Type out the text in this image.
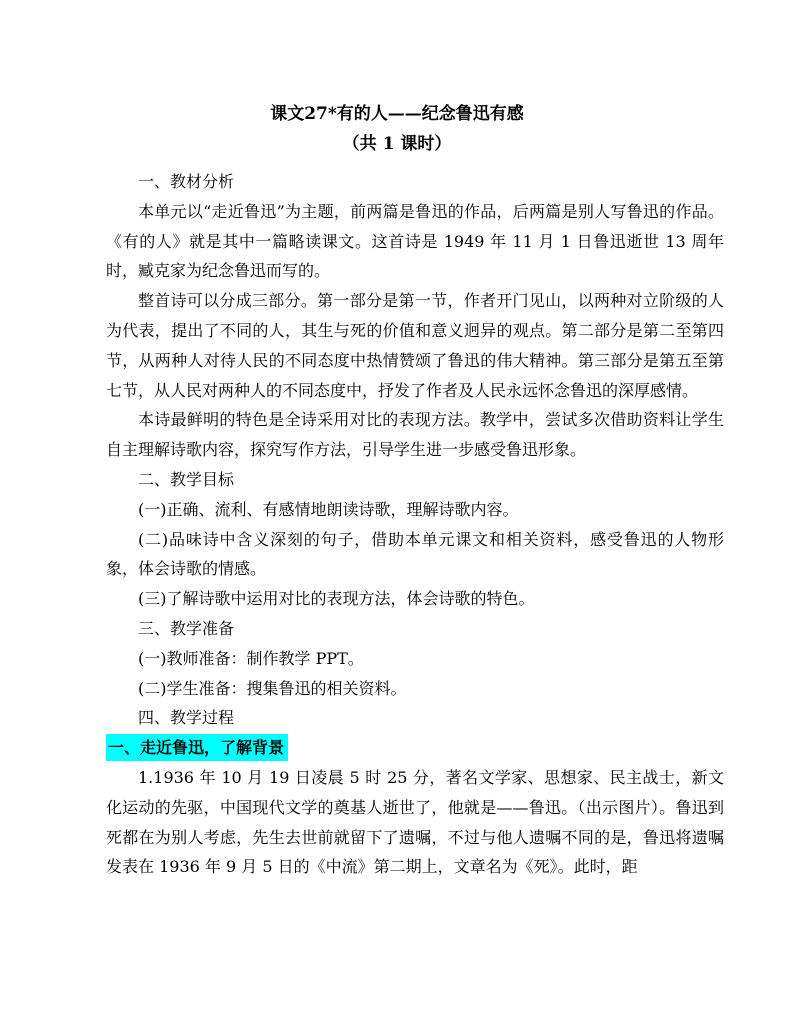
课文27*有的人——纪念鲁迅有感
（共 1 课时）

一、教材分析

本单元以“走近鲁迅”为主题，前两篇是鲁迅的作品，后两篇是别人写鲁迅的作品。《有的人》就是其中一篇略读课文。这首诗是 1949 年 11 月 1 日鲁迅逝世 13 周年时，臧克家为纪念鲁迅而写的。

整首诗可以分成三部分。第一部分是第一节，作者开门见山，以两种对立阶级的人为代表，提出了不同的人，其生与死的价值和意义迥异的观点。第二部分是第二至第四节，从两种人对待人民的不同态度中热情赞颂了鲁迅的伟大精神。第三部分是第五至第七节，从人民对两种人的不同态度中，抒发了作者及人民永远怀念鲁迅的深厚感情。

本诗最鲜明的特色是全诗采用对比的表现方法。教学中，尝试多次借助资料让学生自主理解诗歌内容，探究写作方法，引导学生进一步感受鲁迅形象。

二、教学目标

(一)正确、流利、有感情地朗读诗歌，理解诗歌内容。

(二)品味诗中含义深刻的句子，借助本单元课文和相关资料，感受鲁迅的人物形象，体会诗歌的情感。

(三)了解诗歌中运用对比的表现方法，体会诗歌的特色。

三、教学准备

(一)教师准备：制作教学 PPT。

(二)学生准备：搜集鲁迅的相关资料。

四、教学过程

一、走近鲁迅，了解背景

1.1936 年 10 月 19 日凌晨 5 时 25 分，著名文学家、思想家、民主战士，新文化运动的先驱，中国现代文学的奠基人逝世了，他就是——鲁迅。（出示图片）。鲁迅到死都在为别人考虑，先生去世前就留下了遗嘱，不过与他人遗嘱不同的是，鲁迅将遗嘱发表在 1936 年 9 月 5 日的《中流》第二期上，文章名为《死》。此时，距
